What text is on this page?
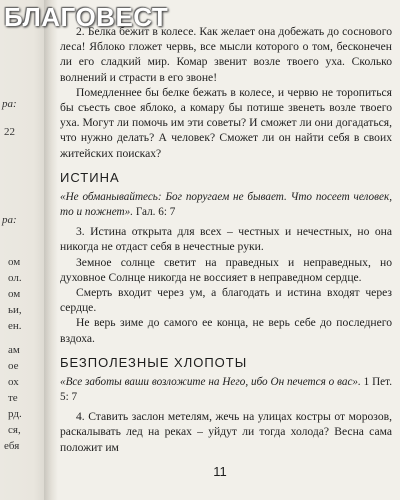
ра:
22
ра:
ом
ол.
ом
ьи,
ен.
ам
ое
ох
те
рд.
ся,
ебя
БЛАГОВЕСТ

2. Белка бежит в колесе. Как желает она добежать до соснового леса! Яблоко гложет червь, все мысли которого о том, бесконечен ли его сладкий мир. Комар звенит возле твоего уха. Сколько волнений и страсти в его звоне!

Помедленнее бы белке бежать в колесе, и червю не торопиться бы съесть свое яблоко, а комару бы потише звенеть возле твоего уха. Могут ли помочь им эти советы? И сможет ли они догадаться, что нужно делать? А человек? Сможет ли он найти себя в своих житейских поисках?

ИСТИНА

«Не обманывайтесь: Бог поругаем не бывает. Что посеет человек, то и пожнет». Гал. 6: 7

3. Истина открыта для всех – честных и нечестных, но она никогда не отдаст себя в нечестные руки.

Земное солнце светит на праведных и неправедных, но духовное Солнце никогда не воссияет в неправедном сердце.

Смерть входит через ум, а благодать и истина входят через сердце.

Не верь зиме до самого ее конца, не верь себе до последнего вздоха.

БЕЗПОЛЕЗНЫЕ ХЛОПОТЫ

«Все заботы ваши возложите на Него, ибо Он печется о вас». 1 Пет. 5: 7

4. Ставить заслон метелям, жечь на улицах костры от морозов, раскалывать лед на реках – уйдут ли тогда холода? Весна сама положит им

11
